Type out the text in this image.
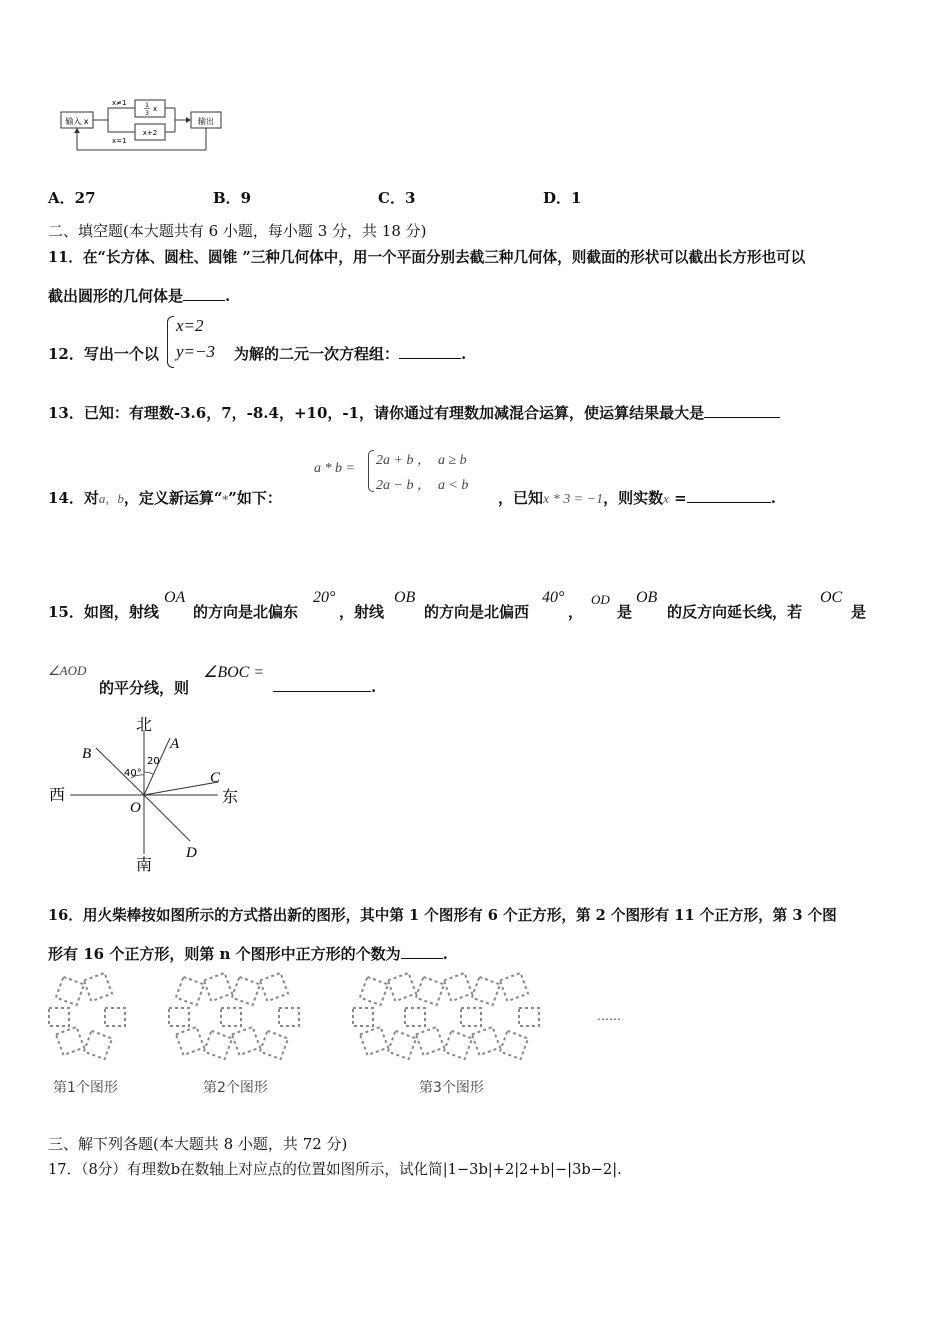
输入 x
x≠1	1
3
x
x+2
x=1
输出
A．27	B．9	C．3	D．1
二、填空题(本大题共有 6 小题，每小题 3 分，共 18 分)
11．在“长方体、圆柱、圆锥 ”三种几何体中，用一个平面分别去截三种几何体，则截面的形状可以截出长方形也可以
截出圆形的几何体是	.
12．写出一个以
x=2
y=−3 为解的二元一次方程组：	.
13．已知：有理数-3.6，7，-8.4，+10，-1，请你通过有理数加减混合运算，使运算结果最大是
14．对a，b，定义新运算“*”如下：
a * b =
2a + b ，  a ≥ b
2a − b ，  a < b
，已知x * 3 = −1，则实数x =	.
15．如图，射线
OA
的方向是北偏东
20°
，射线
OB
的方向是北偏西
40°
，
OD
是
OB
的反方向延长线，若
OC
是
∠AOD
的平分线，则
∠BOC =
.
北
南
西	东
A
B
C
D
O
20
40°
16．用火柴棒按如图所示的方式搭出新的图形，其中第 1 个图形有 6 个正方形，第 2 个图形有 11 个正方形，第 3 个图
形有 16 个正方形，则第 n 个图形中正方形的个数为	.
……
第1个图形	第2个图形	第3个图形
三、解下列各题(本大题共 8 小题，共 72 分)
17．（8分）有理数b在数轴上对应点的位置如图所示，试化简|1−3b|+2|2+b|−|3b−2|.
